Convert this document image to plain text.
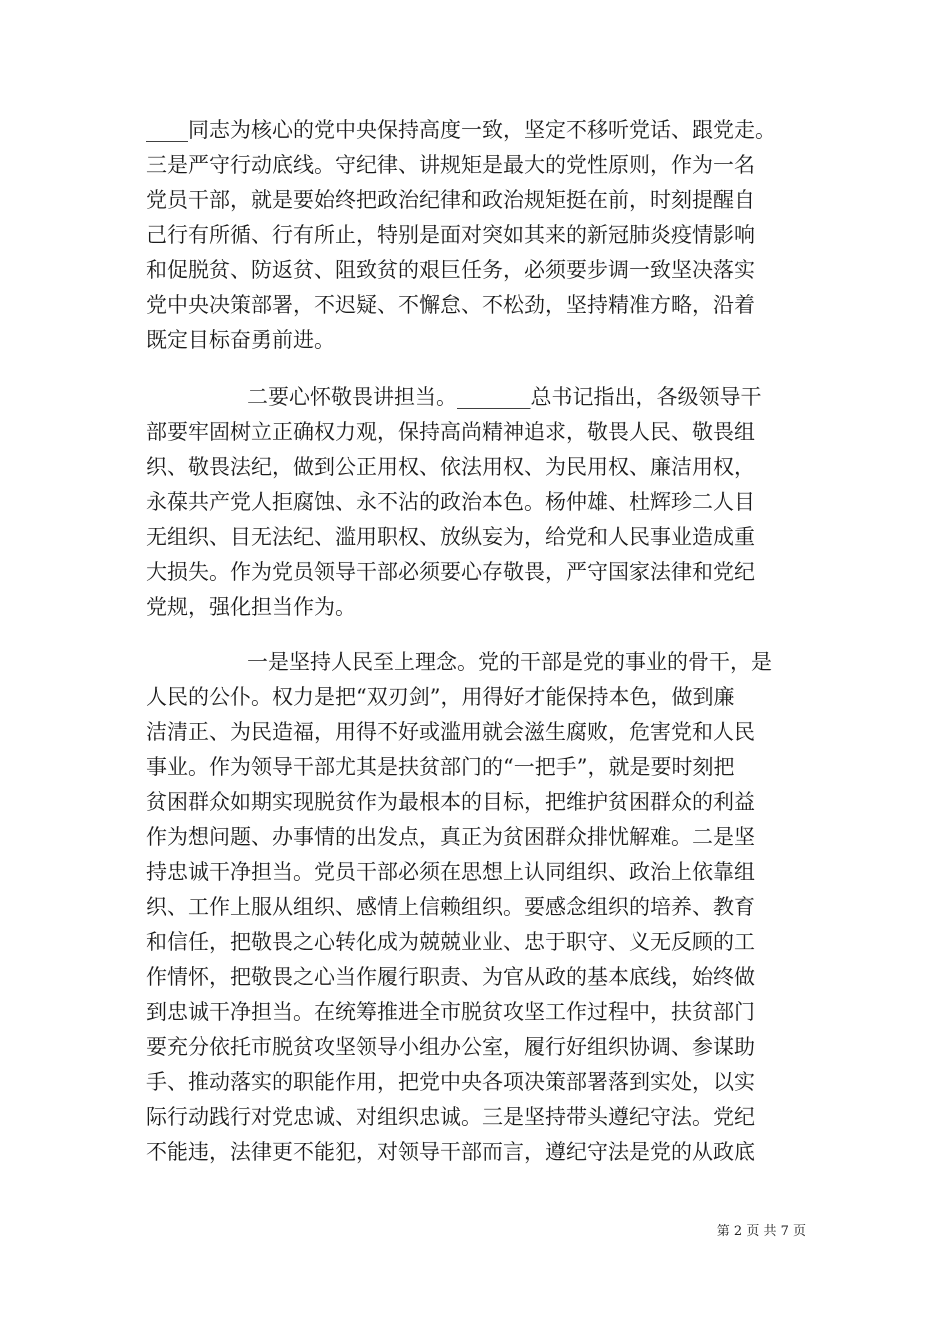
____同志为核心的党中央保持高度一致，坚定不移听党话、跟党走。
三是严守行动底线。守纪律、讲规矩是最大的党性原则，作为一名
党员干部，就是要始终把政治纪律和政治规矩挺在前，时刻提醒自
己行有所循、行有所止，特别是面对突如其来的新冠肺炎疫情影响
和促脱贫、防返贫、阻致贫的艰巨任务，必须要步调一致坚决落实
党中央决策部署，不迟疑、不懈怠、不松劲，坚持精准方略，沿着
既定目标奋勇前进。
二要心怀敬畏讲担当。_______总书记指出，各级领导干
部要牢固树立正确权力观，保持高尚精神追求，敬畏人民、敬畏组
织、敬畏法纪，做到公正用权、依法用权、为民用权、廉洁用权，
永葆共产党人拒腐蚀、永不沾的政治本色。杨仲雄、杜辉珍二人目
无组织、目无法纪、滥用职权、放纵妄为，给党和人民事业造成重
大损失。作为党员领导干部必须要心存敬畏，严守国家法律和党纪
党规，强化担当作为。
一是坚持人民至上理念。党的干部是党的事业的骨干，是
人民的公仆。权力是把“双刃剑”，用得好才能保持本色，做到廉
洁清正、为民造福，用得不好或滥用就会滋生腐败，危害党和人民
事业。作为领导干部尤其是扶贫部门的“一把手”，就是要时刻把
贫困群众如期实现脱贫作为最根本的目标，把维护贫困群众的利益
作为想问题、办事情的出发点，真正为贫困群众排忧解难。二是坚
持忠诚干净担当。党员干部必须在思想上认同组织、政治上依靠组
织、工作上服从组织、感情上信赖组织。要感念组织的培养、教育
和信任，把敬畏之心转化成为兢兢业业、忠于职守、义无反顾的工
作情怀，把敬畏之心当作履行职责、为官从政的基本底线，始终做
到忠诚干净担当。在统筹推进全市脱贫攻坚工作过程中，扶贫部门
要充分依托市脱贫攻坚领导小组办公室，履行好组织协调、参谋助
手、推动落实的职能作用，把党中央各项决策部署落到实处，以实
际行动践行对党忠诚、对组织忠诚。三是坚持带头遵纪守法。党纪
不能违，法律更不能犯，对领导干部而言，遵纪守法是党的从政底
第 2 页 共 7 页
